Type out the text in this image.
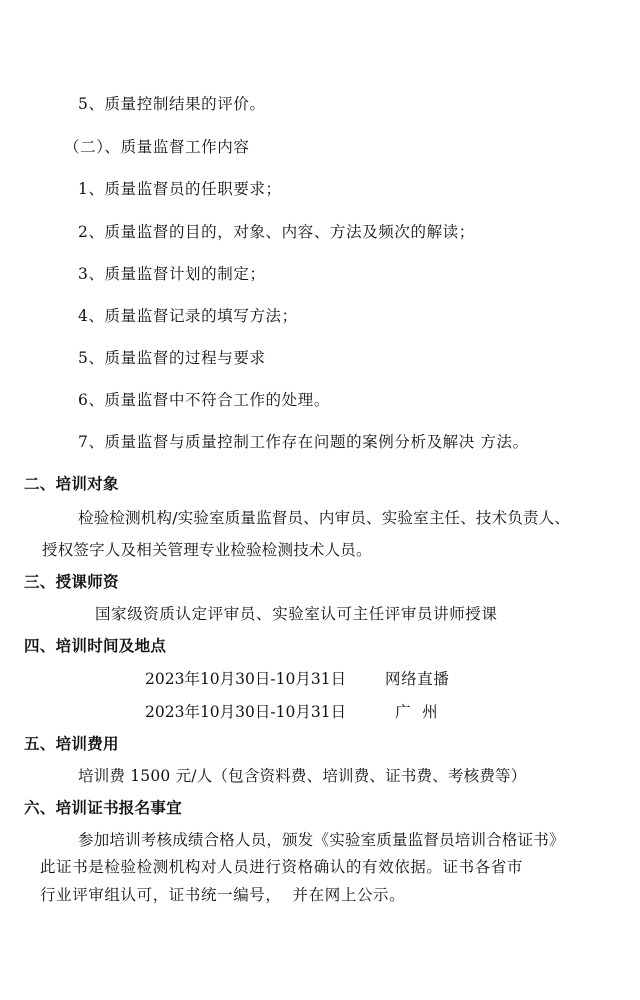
5、质量控制结果的评价。
（二）、质量监督工作内容
1、质量监督员的任职要求；
2、质量监督的目的，对象、内容、方法及频次的解读；
3、质量监督计划的制定；
4、质量监督记录的填写方法；
5、质量监督的过程与要求
6、质量监督中不符合工作的处理。
7、质量监督与质量控制工作存在问题的案例分析及解决 方法。
二、培训对象
检验检测机构/实验室质量监督员、内审员、实验室主任、技术负责人、
授权签字人及相关管理专业检验检测技术人员。
三、授课师资
国家级资质认定评审员、实验室认可主任评审员讲师授课
四、培训时间及地点
2023年10月30日-10月31日	网络直播
2023年10月30日-10月31日	广  州
五、培训费用
培训费 1500 元/人（包含资料费、培训费、证书费、考核费等）
六、培训证书报名事宜
参加培训考核成绩合格人员，颁发《实验室质量监督员培训合格证书》
此证书是检验检测机构对人员进行资格确认的有效依据。证书各省市
行业评审组认可，证书统一编号，  并在网上公示。
